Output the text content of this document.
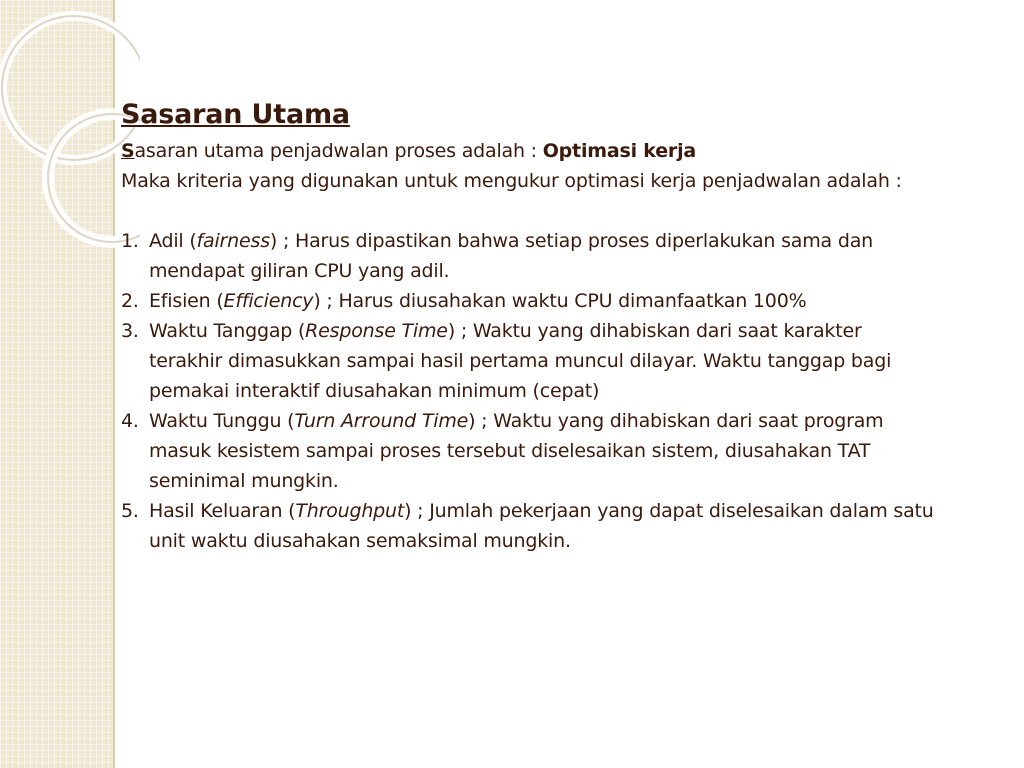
Sasaran Utama

Sasaran utama penjadwalan proses adalah : Optimasi kerja

Maka kriteria yang digunakan untuk mengukur optimasi kerja penjadwalan adalah :

1. Adil (fairness) ; Harus dipastikan bahwa setiap proses diperlakukan sama dan
mendapat giliran CPU yang adil.
2. Efisien (Efficiency) ; Harus diusahakan waktu CPU dimanfaatkan 100%
3. Waktu Tanggap (Response Time) ; Waktu yang dihabiskan dari saat karakter
terakhir dimasukkan sampai hasil pertama muncul dilayar. Waktu tanggap bagi
pemakai interaktif diusahakan minimum (cepat)
4. Waktu Tunggu (Turn Arround Time) ; Waktu yang dihabiskan dari saat program
masuk kesistem sampai proses tersebut diselesaikan sistem, diusahakan TAT
seminimal mungkin.
5. Hasil Keluaran (Throughput) ; Jumlah pekerjaan yang dapat diselesaikan dalam satu
unit waktu diusahakan semaksimal mungkin.
